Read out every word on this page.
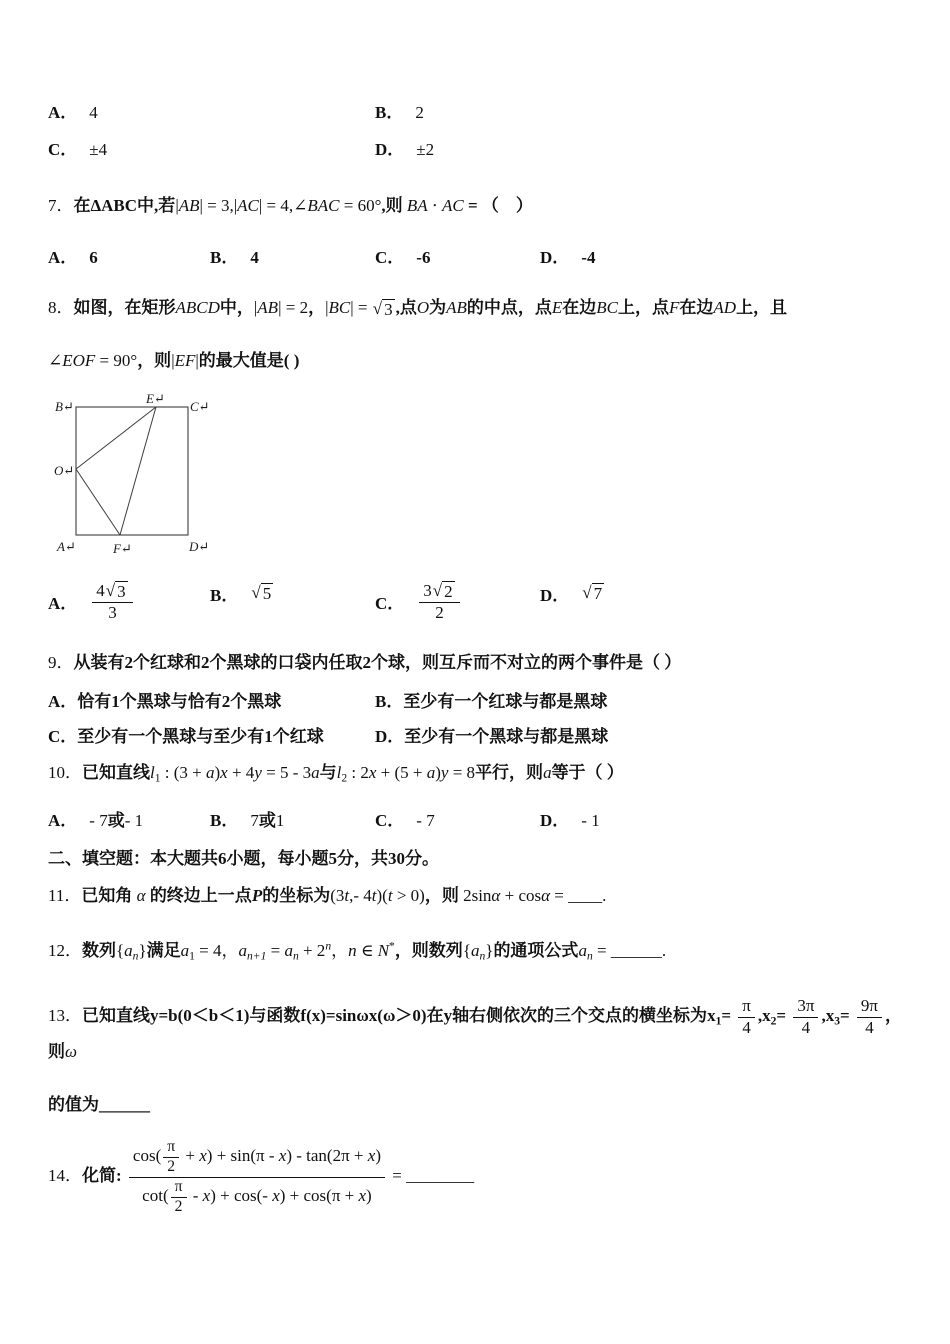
A． 4	B． 2
C． ±4	D． ±2
7．在ΔABC中,若|AB| = 3,|AC| = 4,∠BAC = 60°,则 BA ⋅ AC = （　）
A． 6	B． 4	C． -6	D． -4
8．如图，在矩形ABCD中，|AB| = 2，|BC| = √ 3 ,点O为AB的中点，点E在边BC上，点F在边AD上，且
∠EOF = 90°，则|EF|的最大值是( )
B↵
E↵
C↵
O↵
A↵	F↵	D↵
A． $\frac{4 √ 3}{3}$	B． √ 5
C． $\frac{3 √ 2}{2}$	D． √ 7
9．从装有2个红球和2个黑球的口袋内任取2个球，则互斥而不对立的两个事件是（ ）
A．恰有1个黑球与恰有2个黑球	B．至少有一个红球与都是黑球
C．至少有一个黑球与至少有1个红球	D．至少有一个黑球与都是黑球
10．已知直线$l_1$ : (3 + a)x + 4y = 5 - 3a与$l_2$ : 2x + (5 + a)y = 8平行，则a等于（ ）
A． - 7或- 1	B． 7或1	C． - 7	D． - 1
二、填空题：本大题共6小题，每小题5分，共30分。
11．已知角 α 的终边上一点P的坐标为(3t,- 4t)(t > 0)，则 2sinα + cosα = ____.
12．数列$\{a_n\}$满足$a_1 = 4$，$a_{n+1} = a_n + 2^n$，n ∈ N*，则数列$\{a_n\}$的通项公式$a_n$ = ______.
13．已知直线y=b(0＜b＜1)与函数f(x)=sinωx(ω＞0)在y轴右侧依次的三个交点的横坐标为$x_1= \frac{\pi}{4} ,x_2= \frac{3\pi}{4} ,x_3= \frac{9\pi}{4}$ ，则ω
的值为______
14．化简: $\frac{\cos( \frac{\pi}{2} + x) + \sin(\pi - x) - \tan(2\pi + x)}{\cot( \frac{\pi}{2} - x) + \cos(- x) + \cos(\pi + x)}$ = ________
